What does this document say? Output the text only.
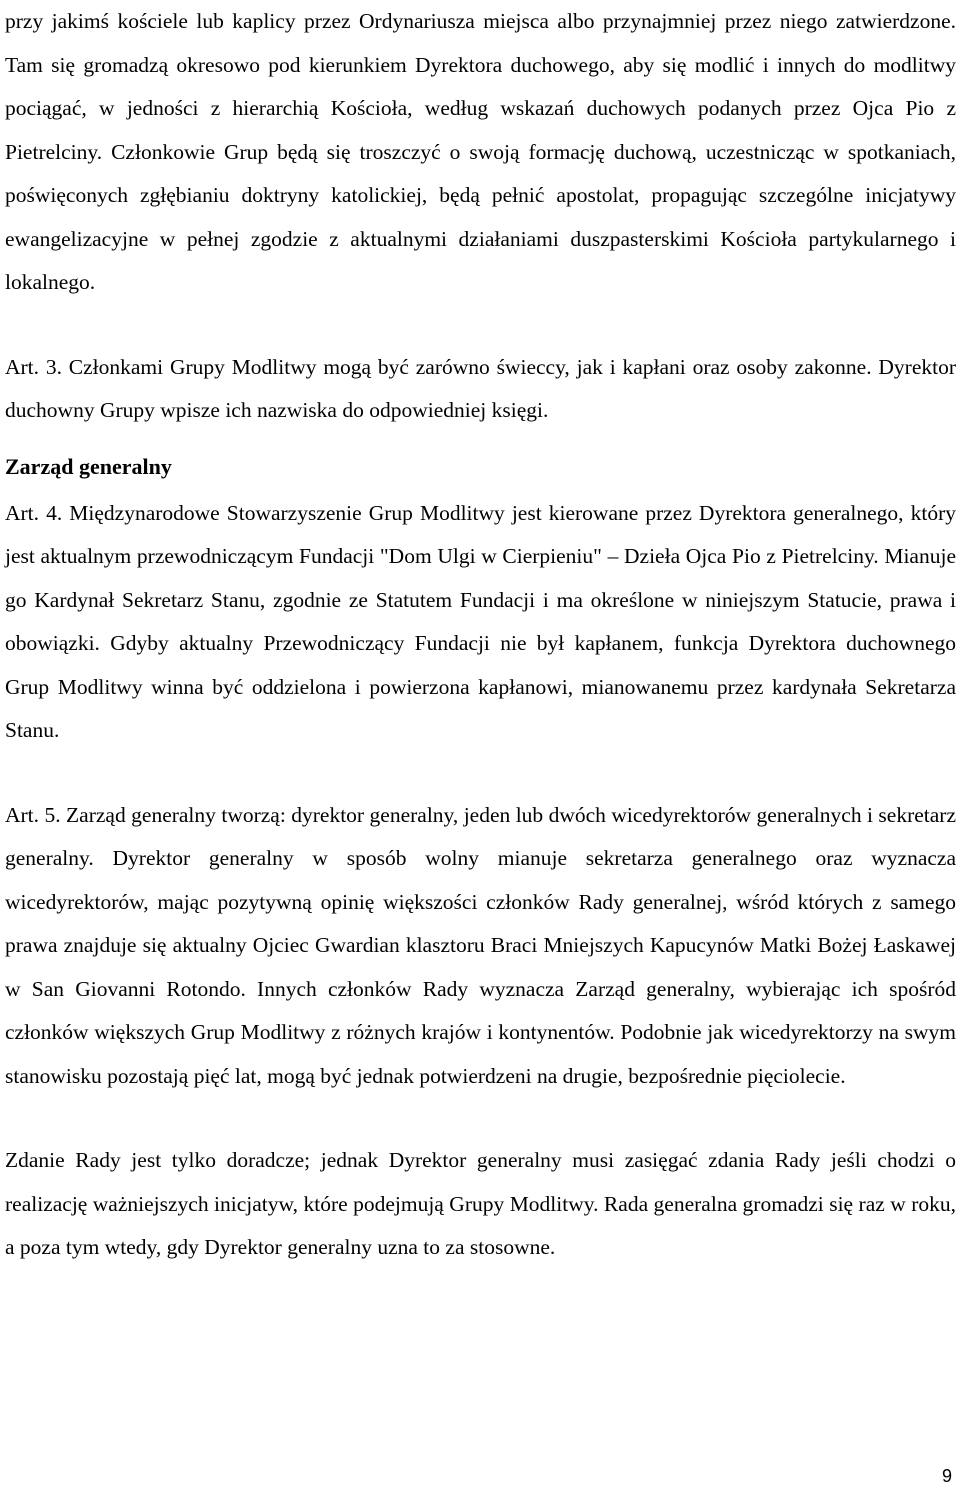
przy jakimś kościele lub kaplicy przez Ordynariusza miejsca albo przynajmniej przez niego zatwierdzone. Tam się gromadzą okresowo pod kierunkiem Dyrektora duchowego, aby się modlić i innych do modlitwy pociągać, w jedności z hierarchią Kościoła, według wskazań duchowych podanych przez Ojca Pio z Pietrelciny. Członkowie Grup będą się troszczyć o swoją formację duchową, uczestnicząc w spotkaniach, poświęconych zgłębianiu doktryny katolickiej, będą pełnić apostolat, propagując szczególne inicjatywy ewangelizacyjne w pełnej zgodzie z aktualnymi działaniami duszpasterskimi Kościoła partykularnego i lokalnego.

Art. 3. Członkami Grupy Modlitwy mogą być zarówno świeccy, jak i kapłani oraz osoby zakonne. Dyrektor duchowny Grupy wpisze ich nazwiska do odpowiedniej księgi.

Zarząd generalny

Art. 4. Międzynarodowe Stowarzyszenie Grup Modlitwy jest kierowane przez Dyrektora generalnego, który jest aktualnym przewodniczącym Fundacji "Dom Ulgi w Cierpieniu" – Dzieła Ojca Pio z Pietrelciny. Mianuje go Kardynał Sekretarz Stanu, zgodnie ze Statutem Fundacji i ma określone w niniejszym Statucie, prawa i obowiązki. Gdyby aktualny Przewodniczący Fundacji nie był kapłanem, funkcja Dyrektora duchownego Grup Modlitwy winna być oddzielona i powierzona kapłanowi, mianowanemu przez kardynała Sekretarza Stanu.

Art. 5. Zarząd generalny tworzą: dyrektor generalny, jeden lub dwóch wicedyrektorów generalnych i sekretarz generalny. Dyrektor generalny w sposób wolny mianuje sekretarza generalnego oraz wyznacza wicedyrektorów, mając pozytywną opinię większości członków Rady generalnej, wśród których z samego prawa znajduje się aktualny Ojciec Gwardian klasztoru Braci Mniejszych Kapucynów Matki Bożej Łaskawej w San Giovanni Rotondo. Innych członków Rady wyznacza Zarząd generalny, wybierając ich spośród członków większych Grup Modlitwy z różnych krajów i kontynentów. Podobnie jak wicedyrektorzy na swym stanowisku pozostają pięć lat, mogą być jednak potwierdzeni na drugie, bezpośrednie pięciolecie.

Zdanie Rady jest tylko doradcze; jednak Dyrektor generalny musi zasięgać zdania Rady jeśli chodzi o realizację ważniejszych inicjatyw, które podejmują Grupy Modlitwy. Rada generalna gromadzi się raz w roku, a poza tym wtedy, gdy Dyrektor generalny uzna to za stosowne.

9
